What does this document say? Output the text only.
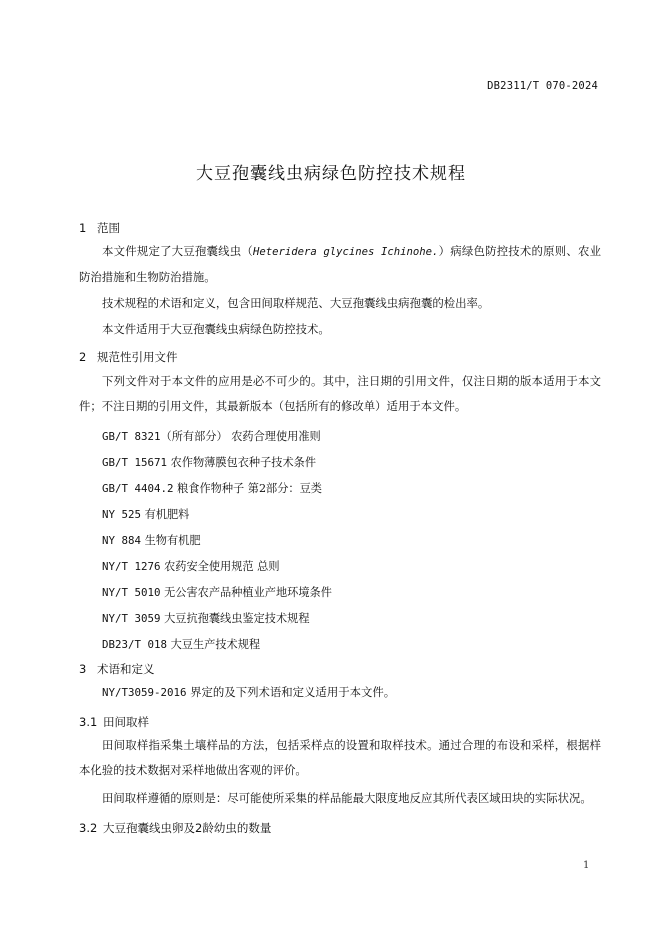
DB2311/T 070-2024
大豆孢囊线虫病绿色防控技术规程
1 范围
本文件规定了大豆孢囊线虫（Heteridera glycines Ichinohe.）病绿色防控技术的原则、农业防治措施和生物防治措施。
技术规程的术语和定义，包含田间取样规范、大豆孢囊线虫病孢囊的检出率。
本文件适用于大豆孢囊线虫病绿色防控技术。
2 规范性引用文件
下列文件对于本文件的应用是必不可少的。其中，注日期的引用文件，仅注日期的版本适用于本文件；不注日期的引用文件，其最新版本（包括所有的修改单）适用于本文件。
GB/T 8321（所有部分） 农药合理使用准则
GB/T 15671 农作物薄膜包衣种子技术条件
GB/T 4404.2 粮食作物种子 第2部分：豆类
NY 525 有机肥料
NY 884 生物有机肥
NY/T 1276 农药安全使用规范 总则
NY/T 5010 无公害农产品种植业产地环境条件
NY/T 3059 大豆抗孢囊线虫鉴定技术规程
DB23/T 018 大豆生产技术规程
3 术语和定义
NY/T3059-2016 界定的及下列术语和定义适用于本文件。
3.1 田间取样
田间取样指采集土壤样品的方法，包括采样点的设置和取样技术。通过合理的布设和采样，根据样本化验的技术数据对采样地做出客观的评价。
田间取样遵循的原则是：尽可能使所采集的样品能最大限度地反应其所代表区域田块的实际状况。
3.2 大豆孢囊线虫卵及2龄幼虫的数量
1
